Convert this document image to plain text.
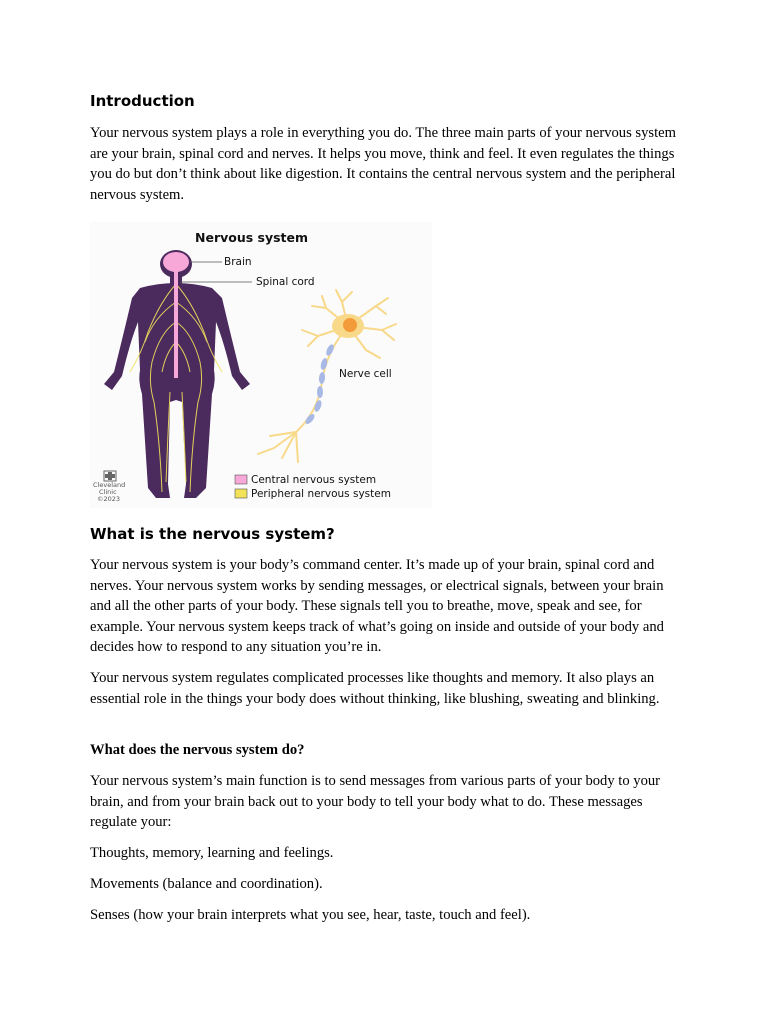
Introduction

Your nervous system plays a role in everything you do. The three main parts of your nervous system are your brain, spinal cord and nerves. It helps you move, think and feel. It even regulates the things you do but don’t think about like digestion. It contains the central nervous system and the peripheral nervous system.

Nervous system
Brain
Spinal cord
Nerve cell
Central nervous system
Peripheral nervous system
Cleveland
Clinic
©2023
What is the nervous system?

Your nervous system is your body’s command center. It’s made up of your brain, spinal cord and nerves. Your nervous system works by sending messages, or electrical signals, between your brain and all the other parts of your body. These signals tell you to breathe, move, speak and see, for example. Your nervous system keeps track of what’s going on inside and outside of your body and decides how to respond to any situation you’re in.

Your nervous system regulates complicated processes like thoughts and memory. It also plays an essential role in the things your body does without thinking, like blushing, sweating and blinking.

What does the nervous system do?

Your nervous system’s main function is to send messages from various parts of your body to your brain, and from your brain back out to your body to tell your body what to do. These messages regulate your:

Thoughts, memory, learning and feelings.

Movements (balance and coordination).

Senses (how your brain interprets what you see, hear, taste, touch and feel).
